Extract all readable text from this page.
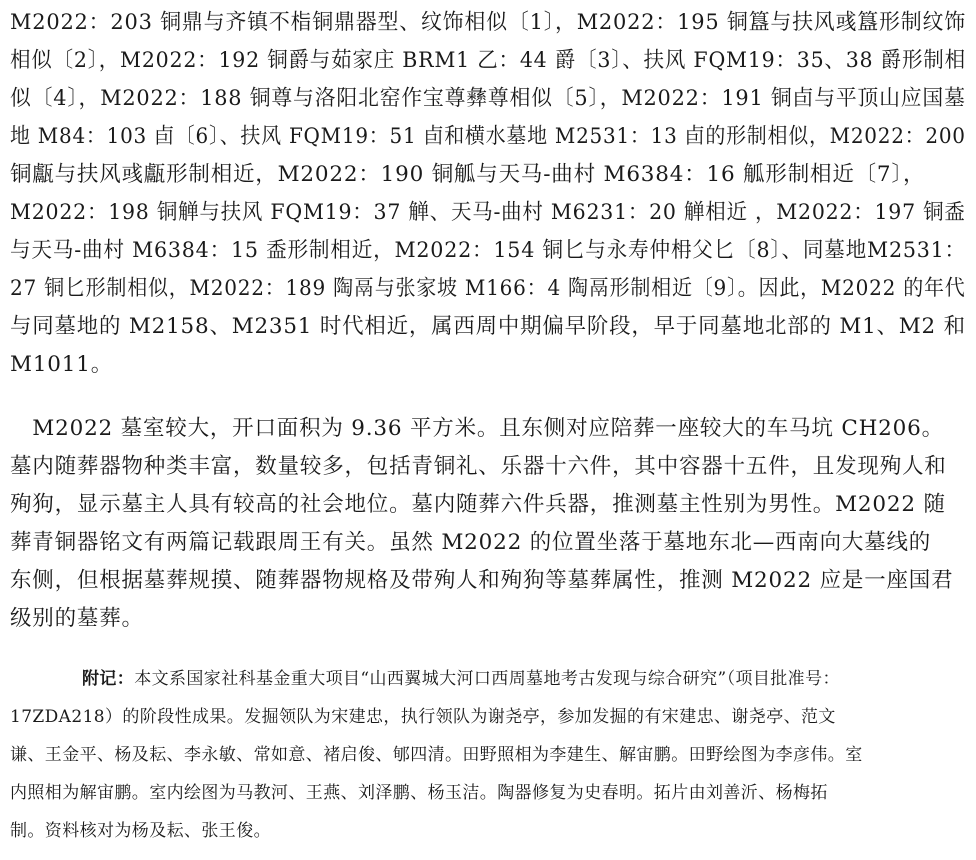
M2022：203 铜鼎与齐镇不栺铜鼎器型、纹饰相似〔1〕，M2022：195 铜簋与扶风彧簋形制纹饰
相似〔2〕，M2022：192 铜爵与茹家庄 BRM1 乙：44 爵〔3〕、扶风 FQM19：35、38 爵形制相
似〔4〕，M2022：188 铜尊与洛阳北窑作宝尊彝尊相似〔5〕，M2022：191 铜卣与平顶山应国墓
地 M84：103 卣〔6〕、扶风 FQM19：51 卣和横水墓地 M2531：13 卣的形制相似，M2022：200
铜甗与扶风彧甗形制相近，M2022：190 铜觚与天马-曲村 M6384：16 觚形制相近〔7〕，
M2022：198 铜觯与扶风 FQM19：37 觯、天马-曲村 M6231：20 觯相近 ，M2022：197 铜盉
与天马-曲村 M6384：15 盉形制相近，M2022：154 铜匕与永寿仲枏父匕〔8〕、同墓地M2531：
27 铜匕形制相似，M2022：189 陶鬲与张家坡 M166：4 陶鬲形制相近〔9〕。因此，M2022 的年代
与同墓地的 M2158、M2351 时代相近，属西周中期偏早阶段，早于同墓地北部的 M1、M2 和
M1011。
　M2022 墓室较大，开口面积为 9.36 平方米。且东侧对应陪葬一座较大的车马坑 CH206。
墓内随葬器物种类丰富，数量较多，包括青铜礼、乐器十六件，其中容器十五件，且发现殉人和
殉狗，显示墓主人具有较高的社会地位。墓内随葬六件兵器，推测墓主性别为男性。M2022 随
葬青铜器铭文有两篇记载跟周王有关。虽然 M2022 的位置坐落于墓地东北—西南向大墓线的
东侧，但根据墓葬规摸、随葬器物规格及带殉人和殉狗等墓葬属性，推测 M2022 应是一座国君
级别的墓葬。
附记：本文系国家社科基金重大项目“山西翼城大河口西周墓地考古发现与综合研究”（项目批准号：
17ZDA218）的阶段性成果。发掘领队为宋建忠，执行领队为谢尧亭，参加发掘的有宋建忠、谢尧亭、范文
谦、王金平、杨及耘、李永敏、常如意、褚启俊、郇四清。田野照相为李建生、解宙鹏。田野绘图为李彦伟。室
内照相为解宙鹏。室内绘图为马教河、王燕、刘泽鹏、杨玉洁。陶器修复为史春明。拓片由刘善沂、杨梅拓
制。资料核对为杨及耘、张王俊。
